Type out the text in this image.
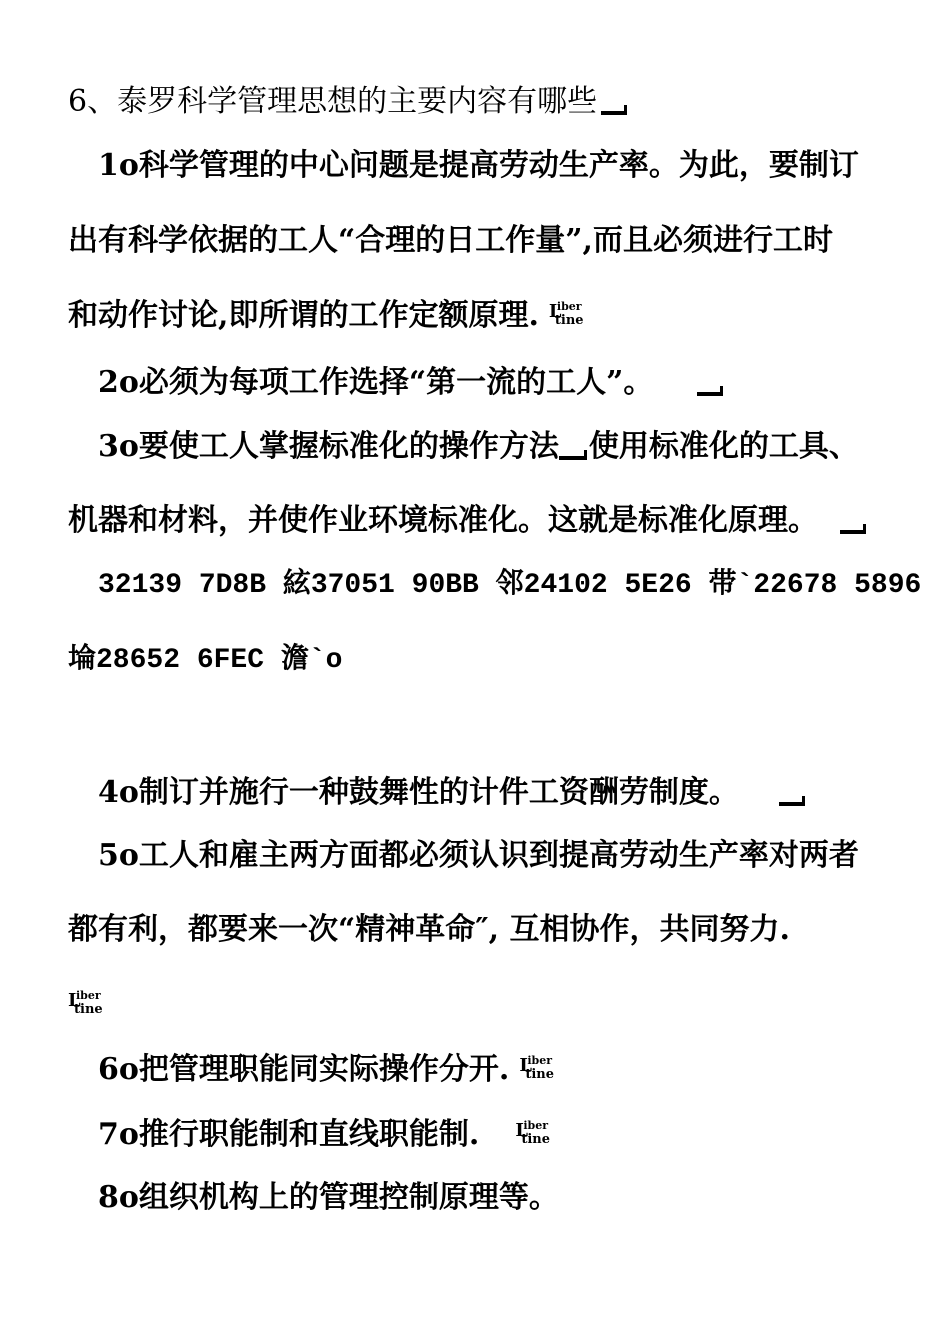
6、泰罗科学管理思想的主要内容有哪些
1o科学管理的中心问题是提高劳动生产率。为此，要制订
出有科学依据的工人“合理的日工作量”,而且必须进行工时
和动作讨论,即所谓的工作定额原理. L
iber
tine
2o必须为每项工作选择“第一流的工人”。
3o要使工人掌握标准化的操作方法 使用标准化的工具、
机器和材料，并使作业环境标准化。这就是标准化原理。
32139 7D8B 絃37051 90BB 邻24102 5E26 带`22678 5896
埨28652 6FEC 澹`o
4o制订并施行一种鼓舞性的计件工资酬劳制度。
5o工人和雇主两方面都必须认识到提高劳动生产率对两者
都有利，都要来一次“精神革命″, 互相协作，共同努力.
L
iber
tine
6o把管理职能同实际操作分开. L
iber
tine
7o推行职能制和直线职能制. L
iber
tine
8o组织机构上的管理控制原理等。
